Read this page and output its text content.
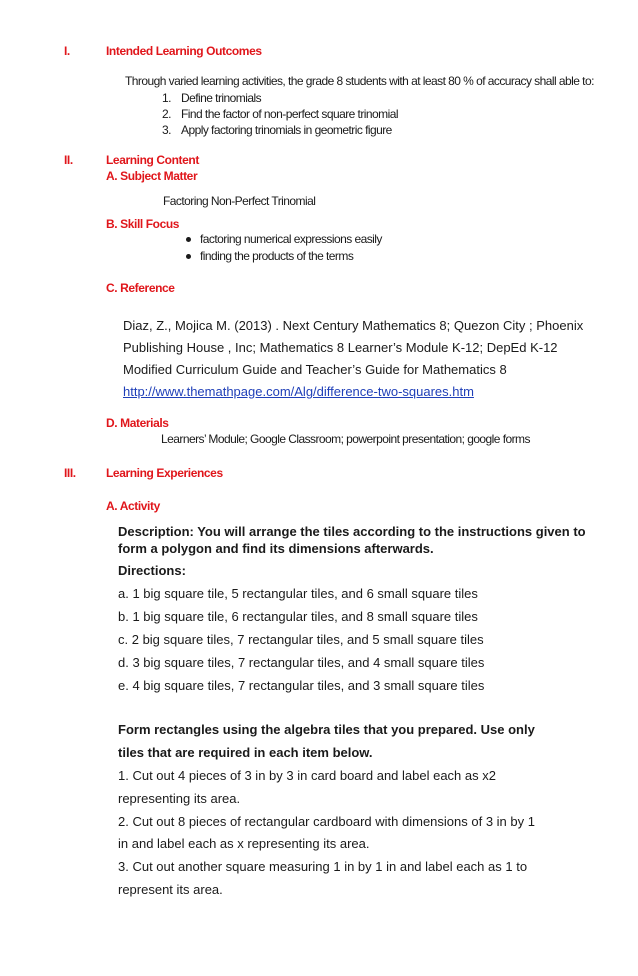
I.	Intended Learning Outcomes
Through varied learning activities, the grade 8 students with at least 80 % of accuracy shall able to:
1. Define trinomials
2. Find the factor of non-perfect square trinomial
3. Apply factoring trinomials in geometric figure
II.	Learning Content
A. Subject Matter
Factoring Non-Perfect Trinomial
B. Skill Focus
factoring numerical expressions easily
finding the products of the terms
C. Reference
Diaz, Z., Mojica M. (2013) . Next Century Mathematics 8; Quezon City ; Phoenix
Publishing House , Inc; Mathematics 8 Learner’s Module K-12; DepEd K-12
Modified Curriculum Guide and Teacher’s Guide for Mathematics 8
http://www.themathpage.com/Alg/difference-two-squares.htm
D. Materials
Learners’ Module; Google Classroom; powerpoint presentation; google forms
III.	Learning Experiences
A. Activity
Description: You will arrange the tiles according to the instructions given to
form a polygon and find its dimensions afterwards.
Directions:
a. 1 big square tile, 5 rectangular tiles, and 6 small square tiles
b. 1 big square tile, 6 rectangular tiles, and 8 small square tiles
c. 2 big square tiles, 7 rectangular tiles, and 5 small square tiles
d. 3 big square tiles, 7 rectangular tiles, and 4 small square tiles
e. 4 big square tiles, 7 rectangular tiles, and 3 small square tiles
Form rectangles using the algebra tiles that you prepared. Use only
tiles that are required in each item below.
1. Cut out 4 pieces of 3 in by 3 in card board and label each as x2
representing its area.
2. Cut out 8 pieces of rectangular cardboard with dimensions of 3 in by 1
in and label each as x representing its area.
3. Cut out another square measuring 1 in by 1 in and label each as 1 to
represent its area.
